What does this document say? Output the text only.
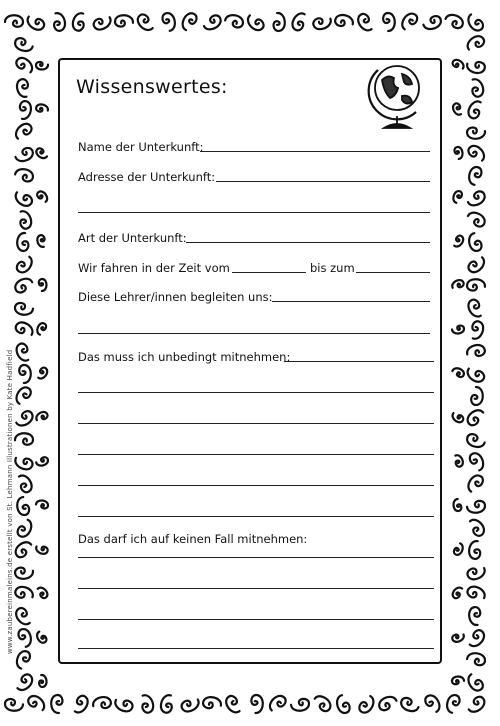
Wissenswertes:
Name der Unterkunft:
Adresse der Unterkunft:
Art der Unterkunft:
Wir fahren in der Zeit vom	bis zum
Diese Lehrer/innen begleiten uns:
Das muss ich unbedingt mitnehmen:
Das darf ich auf keinen Fall mitnehmen:
www.zaubereinmaleins.de erstellt von St. Lehmann Illustrationen by Kate Hadfield
